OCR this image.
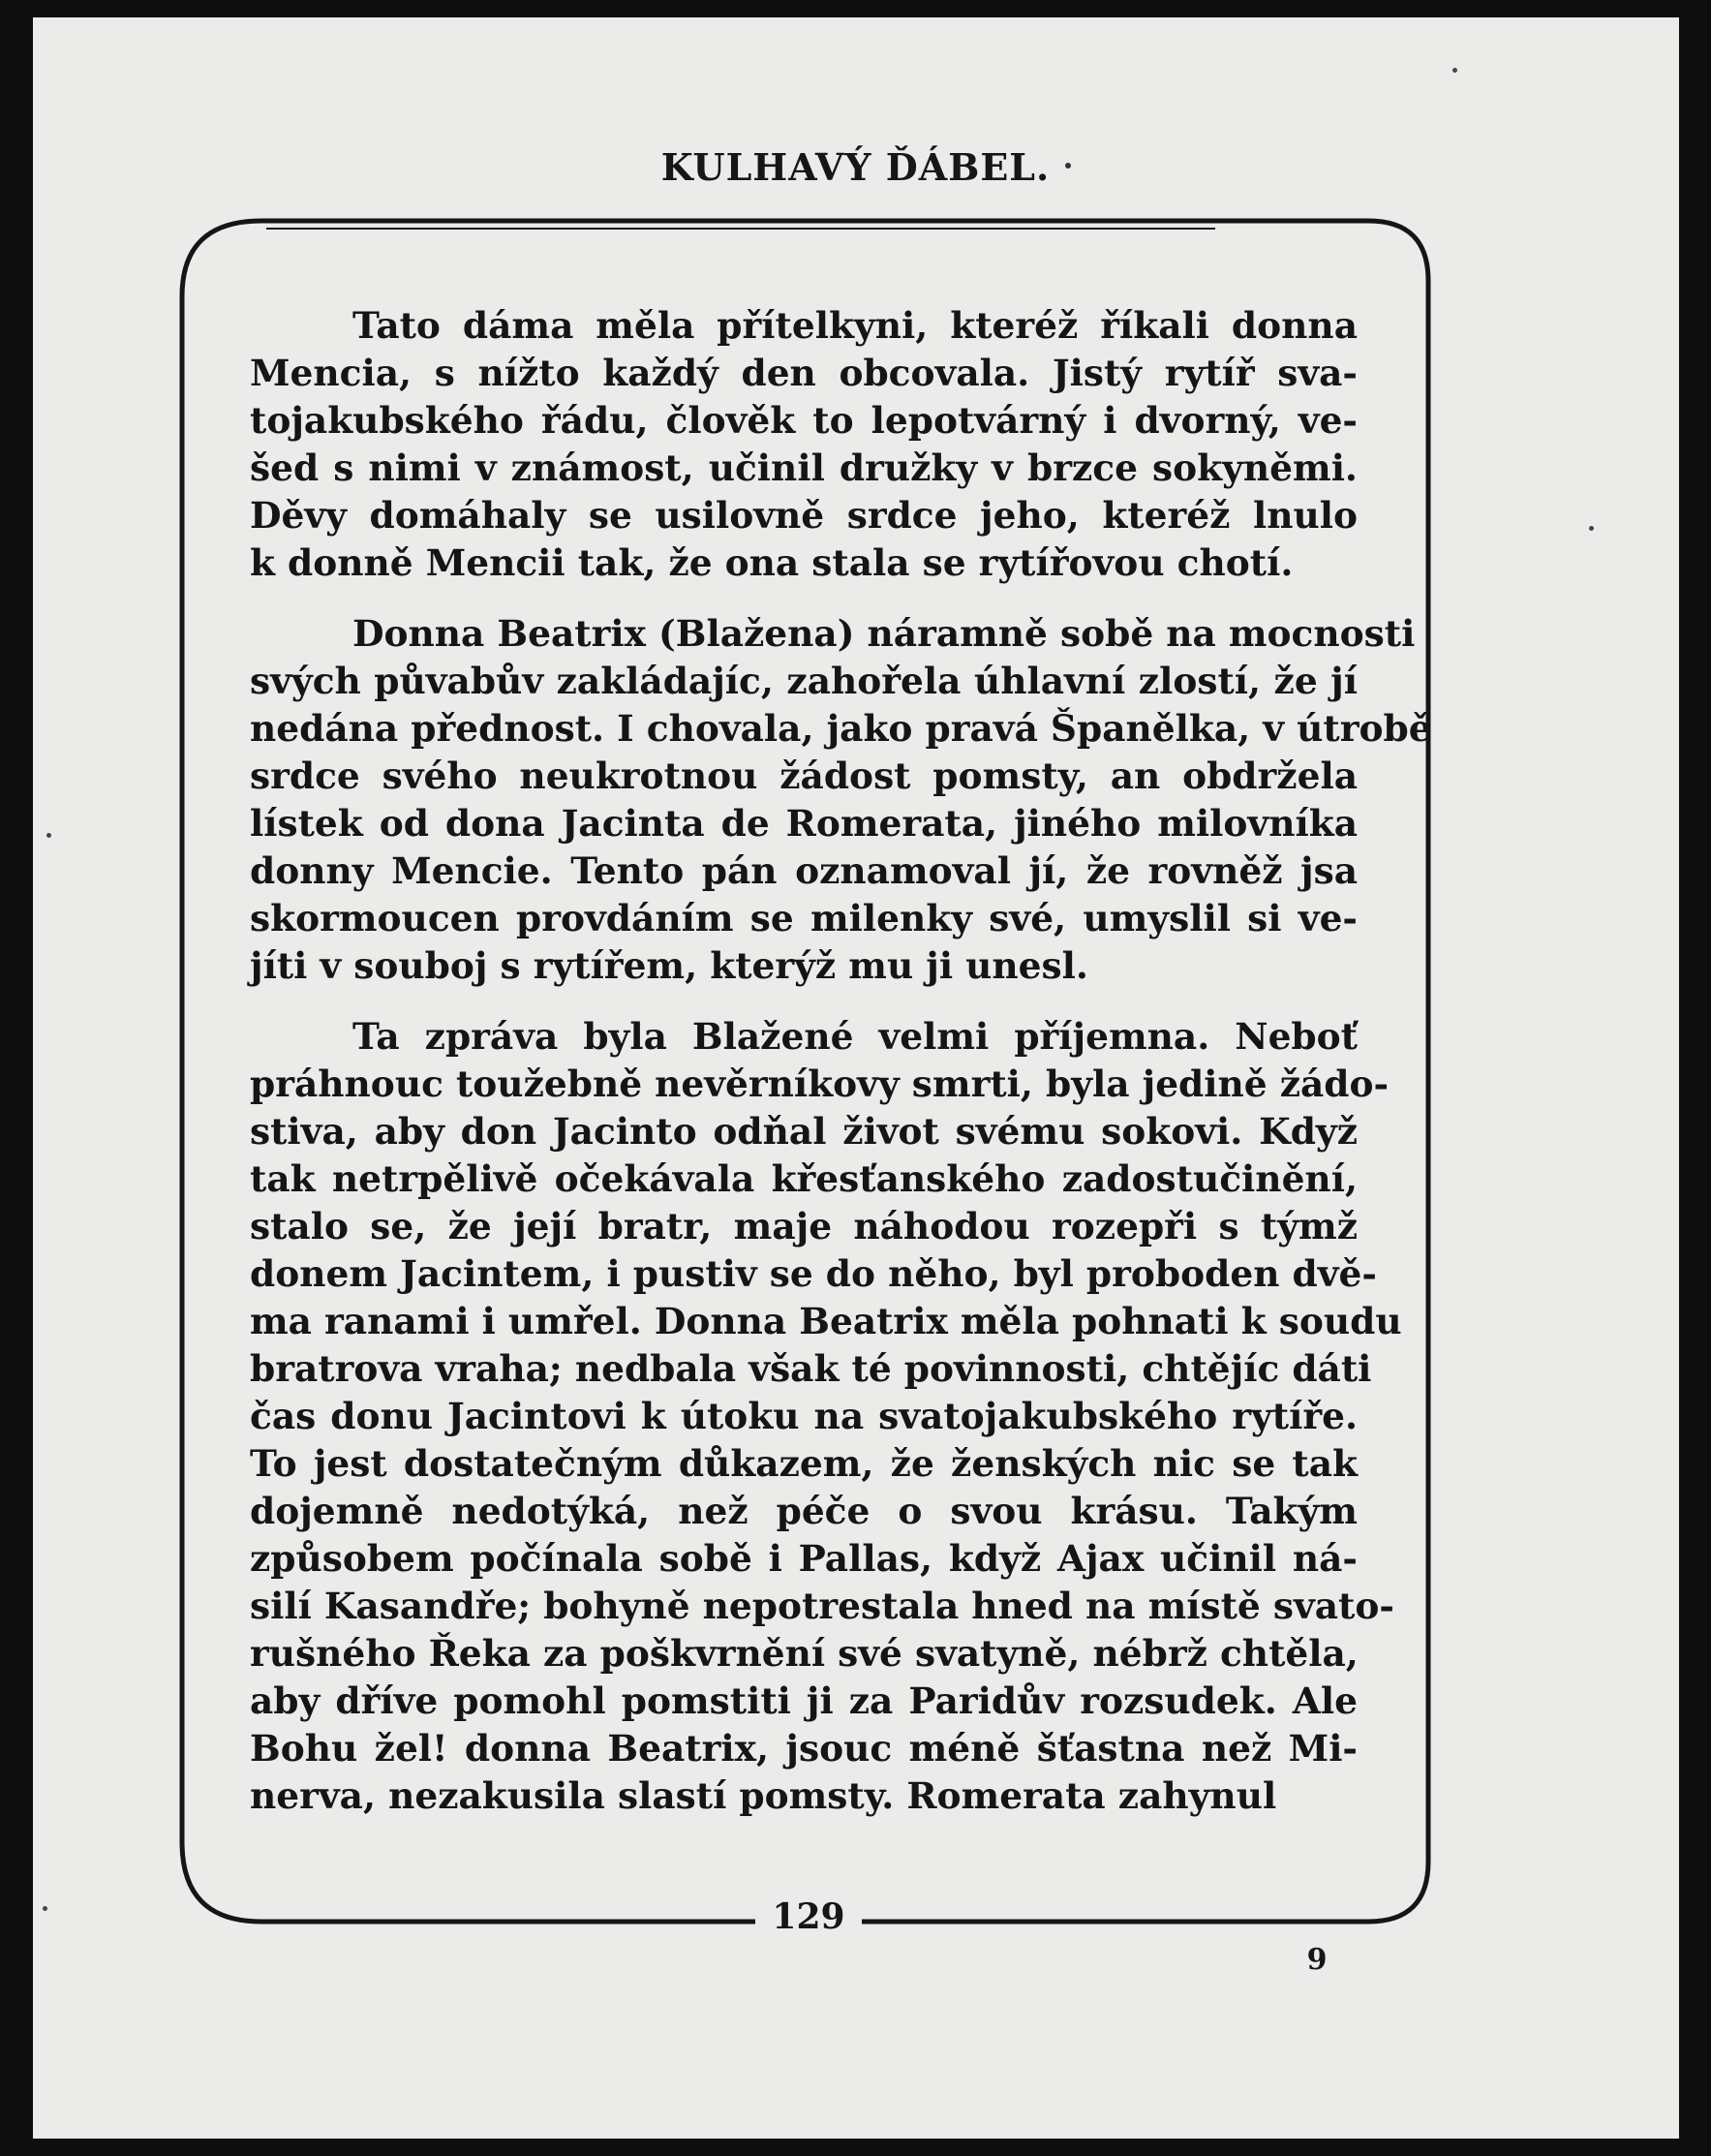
KULHAVÝ ĎÁBEL.
Tato dáma měla přítelkyni, kteréž říkali donna
Mencia, s nížto každý den obcovala. Jistý rytíř sva-
tojakubského řádu, člověk to lepotvárný i dvorný, ve-
šed s nimi v známost, učinil družky v brzce sokyněmi.
Děvy domáhaly se usilovně srdce jeho, kteréž lnulo
k donně Mencii tak, že ona stala se rytířovou chotí.
Donna Beatrix (Blažena) náramně sobě na mocnosti
svých půvabův zakládajíc, zahořela úhlavní zlostí, že jí
nedána přednost. I chovala, jako pravá Španělka, v útrobě
srdce svého neukrotnou žádost pomsty, an obdržela
lístek od dona Jacinta de Romerata, jiného milovníka
donny Mencie. Tento pán oznamoval jí, že rovněž jsa
skormoucen provdáním se milenky své, umyslil si ve-
jíti v souboj s rytířem, kterýž mu ji unesl.
Ta zpráva byla Blažené velmi příjemna. Neboť
práhnouc toužebně nevěrníkovy smrti, byla jedině žádo-
stiva, aby don Jacinto odňal život svému sokovi. Když
tak netrpělivě očekávala křesťanského zadostučinění,
stalo se, že její bratr, maje náhodou rozepři s týmž
donem Jacintem, i pustiv se do něho, byl proboden dvě-
ma ranami i umřel. Donna Beatrix měla pohnati k soudu
bratrova vraha; nedbala však té povinnosti, chtějíc dáti
čas donu Jacintovi k útoku na svatojakubského rytíře.
To jest dostatečným důkazem, že ženských nic se tak
dojemně nedotýká, než péče o svou krásu. Takým
způsobem počínala sobě i Pallas, když Ajax učinil ná-
silí Kasandře; bohyně nepotrestala hned na místě svato-
rušného Řeka za poškvrnění své svatyně, nébrž chtěla,
aby dříve pomohl pomstiti ji za Paridův rozsudek. Ale
Bohu žel! donna Beatrix, jsouc méně šťastna než Mi-
nerva, nezakusila slastí pomsty. Romerata zahynul
129
9
